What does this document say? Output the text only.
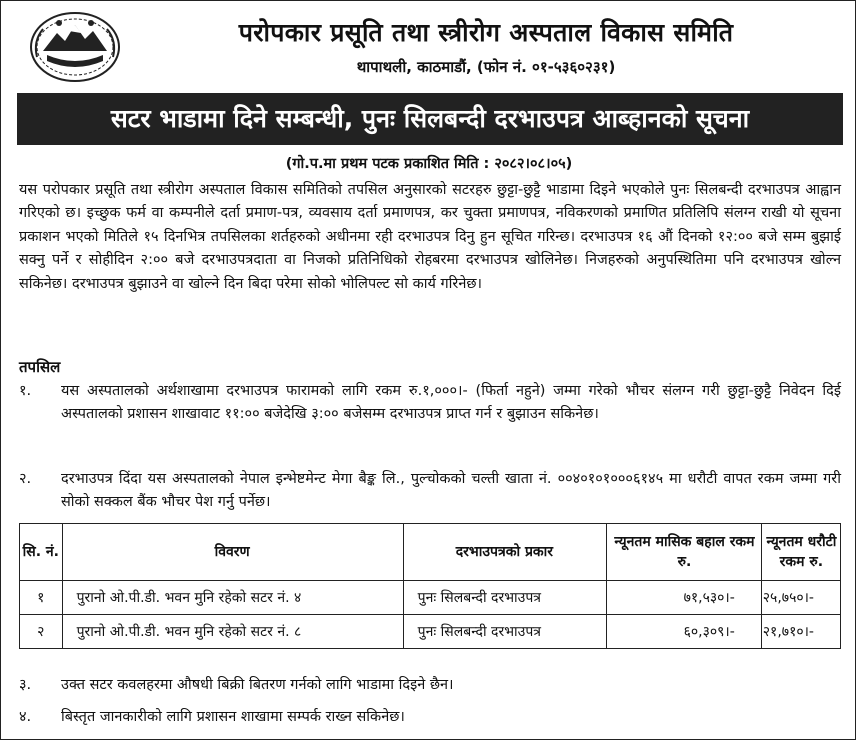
परोपकार प्रसूति तथा स्त्रीरोग अस्पताल विकास समिति
थापाथली, काठमाडौं, (फोन नं. ०१-५३६०२३१)
सटर भाडामा दिने सम्बन्धी, पुनः सिलबन्दी दरभाउपत्र आब्हानको सूचना
(गो.प.मा प्रथम पटक प्रकाशित मिति : २०८२।०८।०५)
यस परोपकार प्रसूति तथा स्त्रीरोग अस्पताल विकास समितिको तपसिल अनुसारको सटरहरु छुट्टा-छुट्टै भाडामा दिइने भएकोले पुनः सिलबन्दी दरभाउपत्र आह्वान गरिएको छ। इच्छुक फर्म वा कम्पनीले दर्ता प्रमाण-पत्र, व्यवसाय दर्ता प्रमाणपत्र, कर चुक्ता प्रमाणपत्र, नविकरणको प्रमाणित प्रतिलिपि संलग्न राखी यो सूचना प्रकाशन भएको मितिले १५ दिनभित्र तपसिलका शर्तहरुको अधीनमा रही दरभाउपत्र दिनु हुन सूचित गरिन्छ। दरभाउपत्र १६ औं दिनको १२:०० बजे सम्म बुझाई सक्नु पर्ने र सोहीदिन २:०० बजे दरभाउपत्रदाता वा निजको प्रतिनिधिको रोहबरमा दरभाउपत्र खोलिनेछ। निजहरुको अनुपस्थितिमा पनि दरभाउपत्र खोल्न सकिनेछ। दरभाउपत्र बुझाउने वा खोल्ने दिन बिदा परेमा सोको भोलिपल्ट सो कार्य गरिनेछ।
तपसिल
१.	यस अस्पतालको अर्थशाखामा दरभाउपत्र फारामको लागि रकम रु.१,०००।- (फिर्ता नहुने) जम्मा गरेको भौचर संलग्न गरी छुट्टा-छुट्टै निवेदन दिई अस्पतालको प्रशासन शाखावाट ११:०० बजेदेखि ३:०० बजेसम्म दरभाउपत्र प्राप्त गर्न र बुझाउन सकिनेछ।
२.	दरभाउपत्र दिंदा यस अस्पतालको नेपाल इन्भेष्टमेन्ट मेगा बैङ्क लि., पुल्चोकको चल्ती खाता नं. ००४०१०१०००६१४५ मा धरौटी वापत रकम जम्मा गरी सोको सक्कल बैंक भौचर पेश गर्नु पर्नेछ।
सि. नं.	विवरण	दरभाउपत्रको प्रकार	न्यूनतम मासिक बहाल रकम रु.	न्यूनतम धरौटी रकम रु.
१	पुरानो ओ.पी.डी. भवन मुनि रहेको सटर नं. ४	पुनः सिलबन्दी दरभाउपत्र	७१,५३०।-	२५,७५०।-
२	पुरानो ओ.पी.डी. भवन मुनि रहेको सटर नं. ८	पुनः सिलबन्दी दरभाउपत्र	६०,३०९।-	२१,७१०।-
३.	उक्त सटर कवलहरमा औषधी बिक्री बितरण गर्नको लागि भाडामा दिइने छैन।
४.	बिस्तृत जानकारीको लागि प्रशासन शाखामा सम्पर्क राख्न सकिनेछ।
